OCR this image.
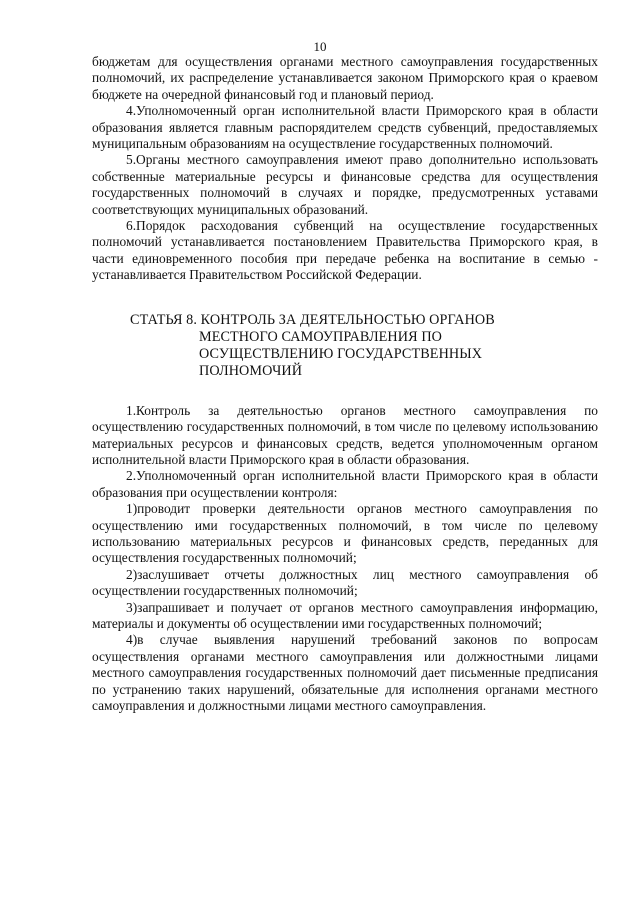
10

бюджетам для осуществления органами местного самоуправления государственных полномочий, их распределение устанавливается законом Приморского края о краевом бюджете на очередной финансовый год и плановый период.

4.Уполномоченный орган исполнительной власти Приморского края в области образования является главным распорядителем средств субвенций, предоставляемых муниципальным образованиям на осуществление государственных полномочий.

5.Органы местного самоуправления имеют право дополнительно использовать собственные материальные ресурсы и финансовые средства для осуществления государственных полномочий в случаях и порядке, предусмотренных уставами соответствующих муниципальных образований.

6.Порядок расходования субвенций на осуществление государственных полномочий устанавливается постановлением Правительства Приморского края, в части единовременного пособия при передаче ребенка на воспитание в семью - устанавливается Правительством Российской Федерации.

СТАТЬЯ 8. КОНТРОЛЬ ЗА ДЕЯТЕЛЬНОСТЬЮ ОРГАНОВ
МЕСТНОГО САМОУПРАВЛЕНИЯ ПО
ОСУЩЕСТВЛЕНИЮ ГОСУДАРСТВЕННЫХ
ПОЛНОМОЧИЙ

1.Контроль за деятельностью органов местного самоуправления по осуществлению государственных полномочий, в том числе по целевому использованию материальных ресурсов и финансовых средств, ведется уполномоченным органом исполнительной власти Приморского края в области образования.

2.Уполномоченный орган исполнительной власти Приморского края в области образования при осуществлении контроля:

1)проводит проверки деятельности органов местного самоуправления по осуществлению ими государственных полномочий, в том числе по целевому использованию материальных ресурсов и финансовых средств, переданных для осуществления государственных полномочий;

2)заслушивает отчеты должностных лиц местного самоуправления об осуществлении государственных полномочий;

3)запрашивает и получает от органов местного самоуправления информацию, материалы и документы об осуществлении ими государственных полномочий;

4)в случае выявления нарушений требований законов по вопросам осуществления органами местного самоуправления или должностными лицами местного самоуправления государственных полномочий дает письменные предписания по устранению таких нарушений, обязательные для исполнения органами местного самоуправления и должностными лицами местного самоуправления.
